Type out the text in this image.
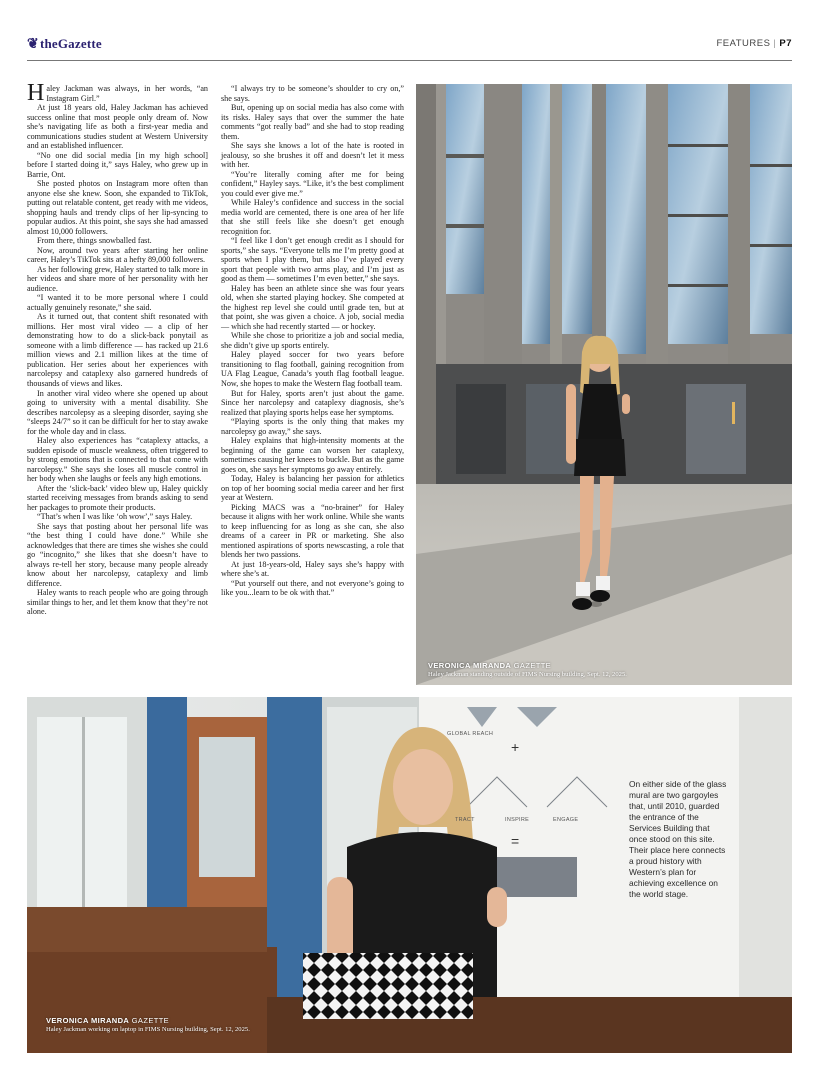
❦theGazette	FEATURES | P7

Haley Jackman was always, in her words, “an Instagram Girl.”

At just 18 years old, Haley Jackman has achieved success online that most people only dream of. Now she’s navigating life as both a first-year media and communications studies student at Western University and an established influencer.

“No one did social media [in my high school] before I started doing it,” says Haley, who grew up in Barrie, Ont.

She posted photos on Instagram more often than anyone else she knew. Soon, she expanded to TikTok, putting out relatable content, get ready with me videos, shopping hauls and trendy clips of her lip-syncing to popular audios. At this point, she says she had amassed almost 10,000 followers.

From there, things snowballed fast.

Now, around two years after starting her online career, Haley’s TikTok sits at a hefty 89,000 followers.

As her following grew, Haley started to talk more in her videos and share more of her personality with her audience.

“I wanted it to be more personal where I could actually genuinely resonate,” she said.

As it turned out, that content shift resonated with millions. Her most viral video — a clip of her demonstrating how to do a slick-back ponytail as someone with a limb difference — has racked up 21.6 million views and 2.1 million likes at the time of publication. Her series about her experiences with narcolepsy and cataplexy also garnered hundreds of thousands of views and likes.

In another viral video where she opened up about going to university with a mental disability. She describes narcolepsy as a sleeping disorder, saying she “sleeps 24/7” so it can be difficult for her to stay awake for the whole day and in class.

Haley also experiences has “cataplexy attacks, a sudden episode of muscle weakness, often triggered to by strong emotions that is connected to that come with narcolepsy.” She says she loses all muscle control in her body when she laughs or feels any high emotions.

After the ‘slick-back’ video blew up, Haley quickly started receiving messages from brands asking to send her packages to promote their products.

“That’s when I was like ‘oh wow’,” says Haley.

She says that posting about her personal life was “the best thing I could have done.” While she acknowledges that there are times she wishes she could go “incognito,” she likes that she doesn’t have to always re-tell her story, because many people already know about her narcolepsy, cataplexy and limb difference.

Haley wants to reach people who are going through similar things to her, and let them know that they’re not alone.

“I always try to be someone’s shoulder to cry on,” she says.

But, opening up on social media has also come with its risks. Haley says that over the summer the hate comments “got really bad” and she had to stop reading them.

She says she knows a lot of the hate is rooted in jealousy, so she brushes it off and doesn’t let it mess with her.

“You’re literally coming after me for being confident,” Hayley says. “Like, it’s the best compliment you could ever give me.”

While Haley’s confidence and success in the social media world are cemented, there is one area of her life that she still feels like she doesn’t get enough recognition for.

“I feel like I don’t get enough credit as I should for sports,” she says. “Everyone tells me I’m pretty good at sports when I play them, but also I’ve played every sport that people with two arms play, and I’m just as good as them — sometimes I’m even better,” she says.

Haley has been an athlete since she was four years old, when she started playing hockey. She competed at the highest rep level she could until grade ten, but at that point, she was given a choice. A job, social media — which she had recently started — or hockey.

While she chose to prioritize a job and social media, she didn’t give up sports entirely.

Haley played soccer for two years before transitioning to flag football, gaining recognition from UA Flag League, Canada’s youth flag football league. Now, she hopes to make the Western flag football team.

But for Haley, sports aren’t just about the game. Since her narcolepsy and cataplexy diagnosis, she’s realized that playing sports helps ease her symptoms.

“Playing sports is the only thing that makes my narcolepsy go away,” she says.

Haley explains that high-intensity moments at the beginning of the game can worsen her cataplexy, sometimes causing her knees to buckle. But as the game goes on, she says her symptoms go away entirely.

Today, Haley is balancing her passion for athletics on top of her booming social media career and her first year at Western.

Picking MACS was a “no-brainer” for Haley because it aligns with her work online. While she wants to keep influencing for as long as she can, she also dreams of a career in PR or marketing. She also mentioned aspirations of sports newscasting, a role that blends her two passions.

At just 18-years-old, Haley says she’s happy with where she’s at.

“Put yourself out there, and not everyone’s going to like you...learn to be ok with that.”

VERONICA MIRANDA GAZETTE
Haley Jackman standing outside of FIMS Nursing building, Sept. 12, 2025.
GLOBAL REACH
+
TRACT	INSPIRE	ENGAGE
=
On either side of the glass mural are two gargoyles that, until 2010, guarded the entrance of the Services Building that once stood on this site. Their place here connects a proud history with Western’s plan for achieving excellence on the world stage.
VERONICA MIRANDA GAZETTE
Haley Jackman working on laptop in FIMS Nursing building, Sept. 12, 2025.
